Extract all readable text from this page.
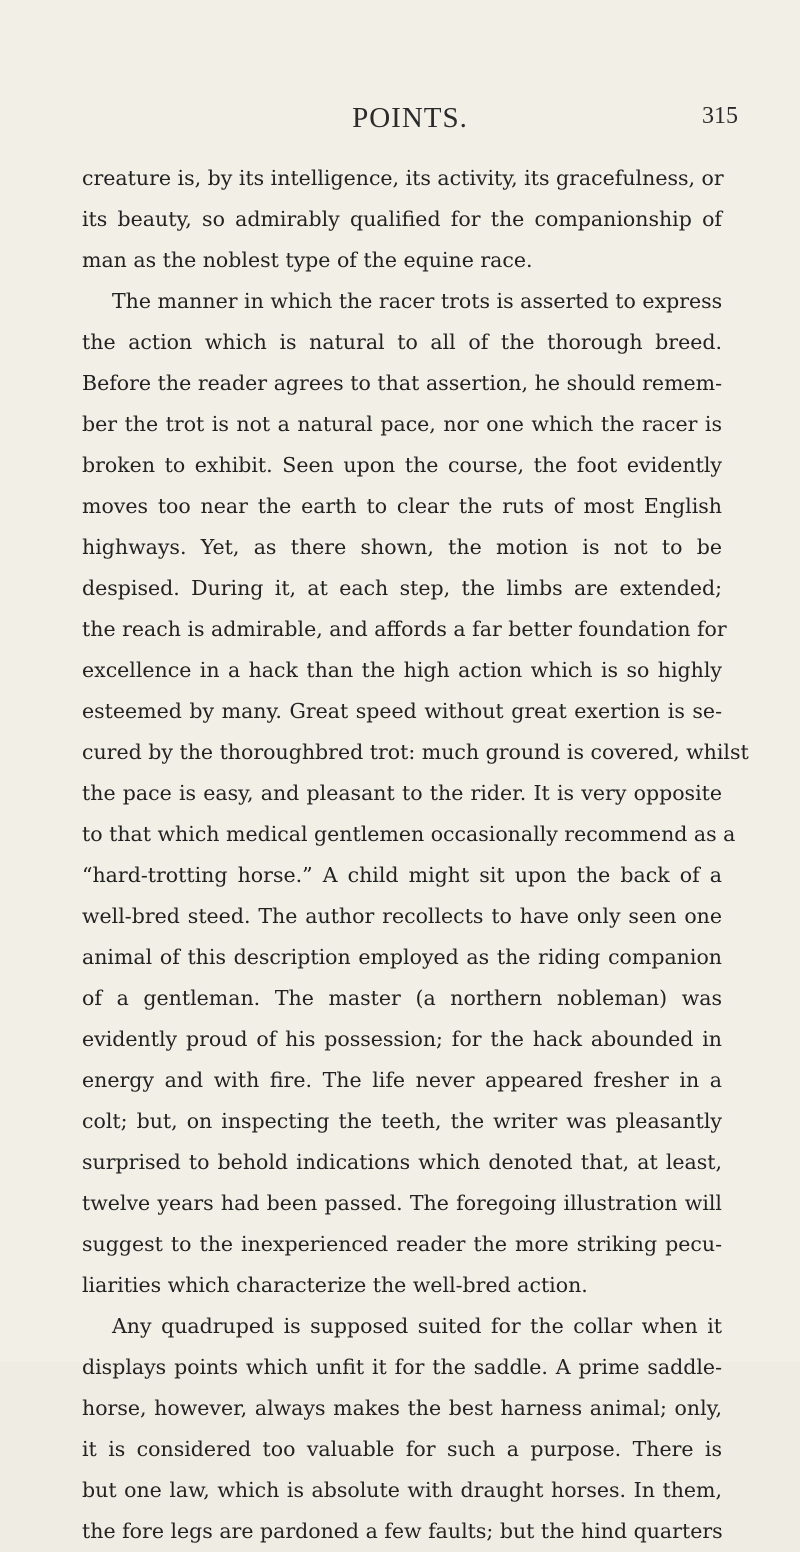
POINTS.	315
creature is, by its intelligence, its activity, its gracefulness, or
its beauty, so admirably qualified for the companionship of
man as the noblest type of the equine race.
The manner in which the racer trots is asserted to express
the action which is natural to all of the thorough breed.
Before the reader agrees to that assertion, he should remem-
ber the trot is not a natural pace, nor one which the racer is
broken to exhibit. Seen upon the course, the foot evidently
moves too near the earth to clear the ruts of most English
highways. Yet, as there shown, the motion is not to be
despised. During it, at each step, the limbs are extended;
the reach is admirable, and affords a far better foundation for
excellence in a hack than the high action which is so highly
esteemed by many. Great speed without great exertion is se-
cured by the thoroughbred trot: much ground is covered, whilst
the pace is easy, and pleasant to the rider. It is very opposite
to that which medical gentlemen occasionally recommend as a
“hard-trotting horse.” A child might sit upon the back of a
well-bred steed. The author recollects to have only seen one
animal of this description employed as the riding companion
of a gentleman. The master (a northern nobleman) was
evidently proud of his possession; for the hack abounded in
energy and with fire. The life never appeared fresher in a
colt; but, on inspecting the teeth, the writer was pleasantly
surprised to behold indications which denoted that, at least,
twelve years had been passed. The foregoing illustration will
suggest to the inexperienced reader the more striking pecu-
liarities which characterize the well-bred action.
Any quadruped is supposed suited for the collar when it
displays points which unfit it for the saddle. A prime saddle-
horse, however, always makes the best harness animal; only,
it is considered too valuable for such a purpose. There is
but one law, which is absolute with draught horses. In them,
the fore legs are pardoned a few faults; but the hind quarters
